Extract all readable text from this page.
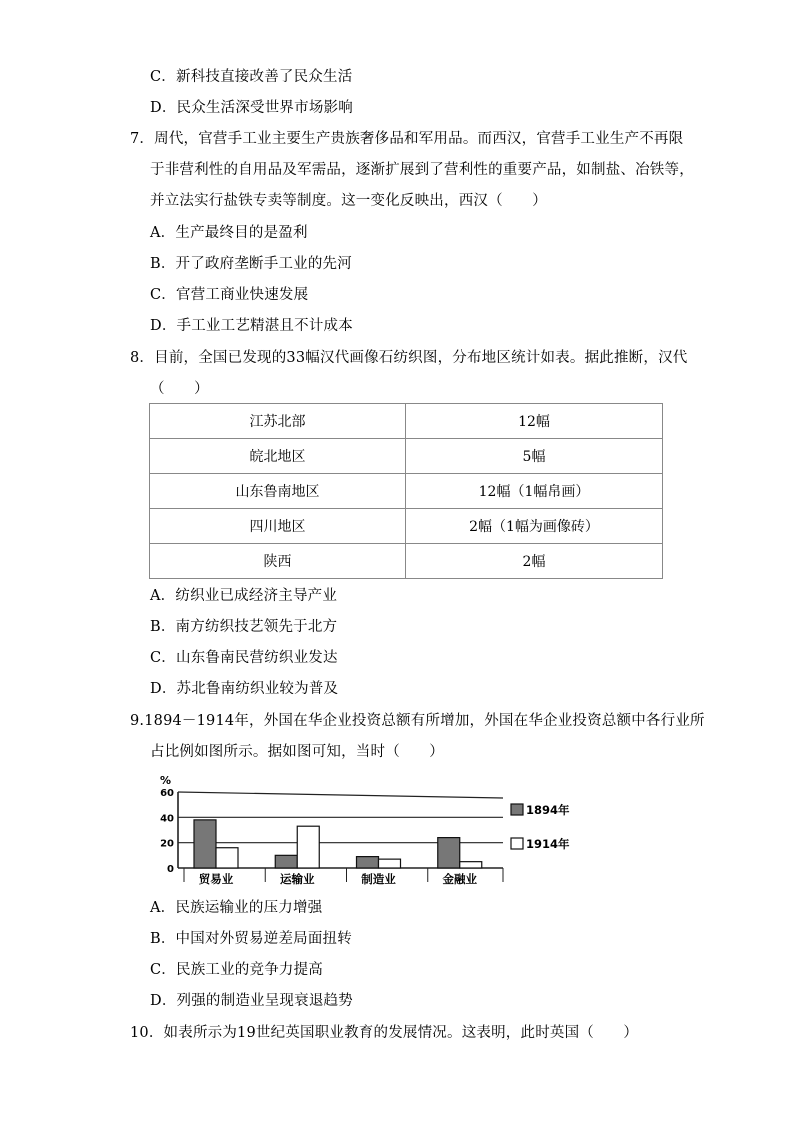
C．新科技直接改善了民众生活
D．民众生活深受世界市场影响
7．周代，官营手工业主要生产贵族奢侈品和军用品。而西汉，官营手工业生产不再限
于非营利性的自用品及军需品，逐渐扩展到了营利性的重要产品，如制盐、冶铁等，
并立法实行盐铁专卖等制度。这一变化反映出，西汉（　　）
A．生产最终目的是盈利
B．开了政府垄断手工业的先河
C．官营工商业快速发展
D．手工业工艺精湛且不计成本
8．目前，全国已发现的33幅汉代画像石纺织图，分布地区统计如表。据此推断，汉代
（　　）
江苏北部	12幅
皖北地区	5幅
山东鲁南地区	12幅（1幅帛画）
四川地区	2幅（1幅为画像砖）
陕西	2幅
A．纺织业已成经济主导产业
B．南方纺织技艺领先于北方
C．山东鲁南民营纺织业发达
D．苏北鲁南纺织业较为普及
9.1894－1914年，外国在华企业投资总额有所增加，外国在华企业投资总额中各行业所
占比例如图所示。据如图可知，当时（　　）
%
0
20
40
60
贸易业	运输业	制造业	金融业
1894年
1914年
A．民族运输业的压力增强
B．中国对外贸易逆差局面扭转
C．民族工业的竞争力提高
D．列强的制造业呈现衰退趋势
10．如表所示为19世纪英国职业教育的发展情况。这表明，此时英国（　　）
